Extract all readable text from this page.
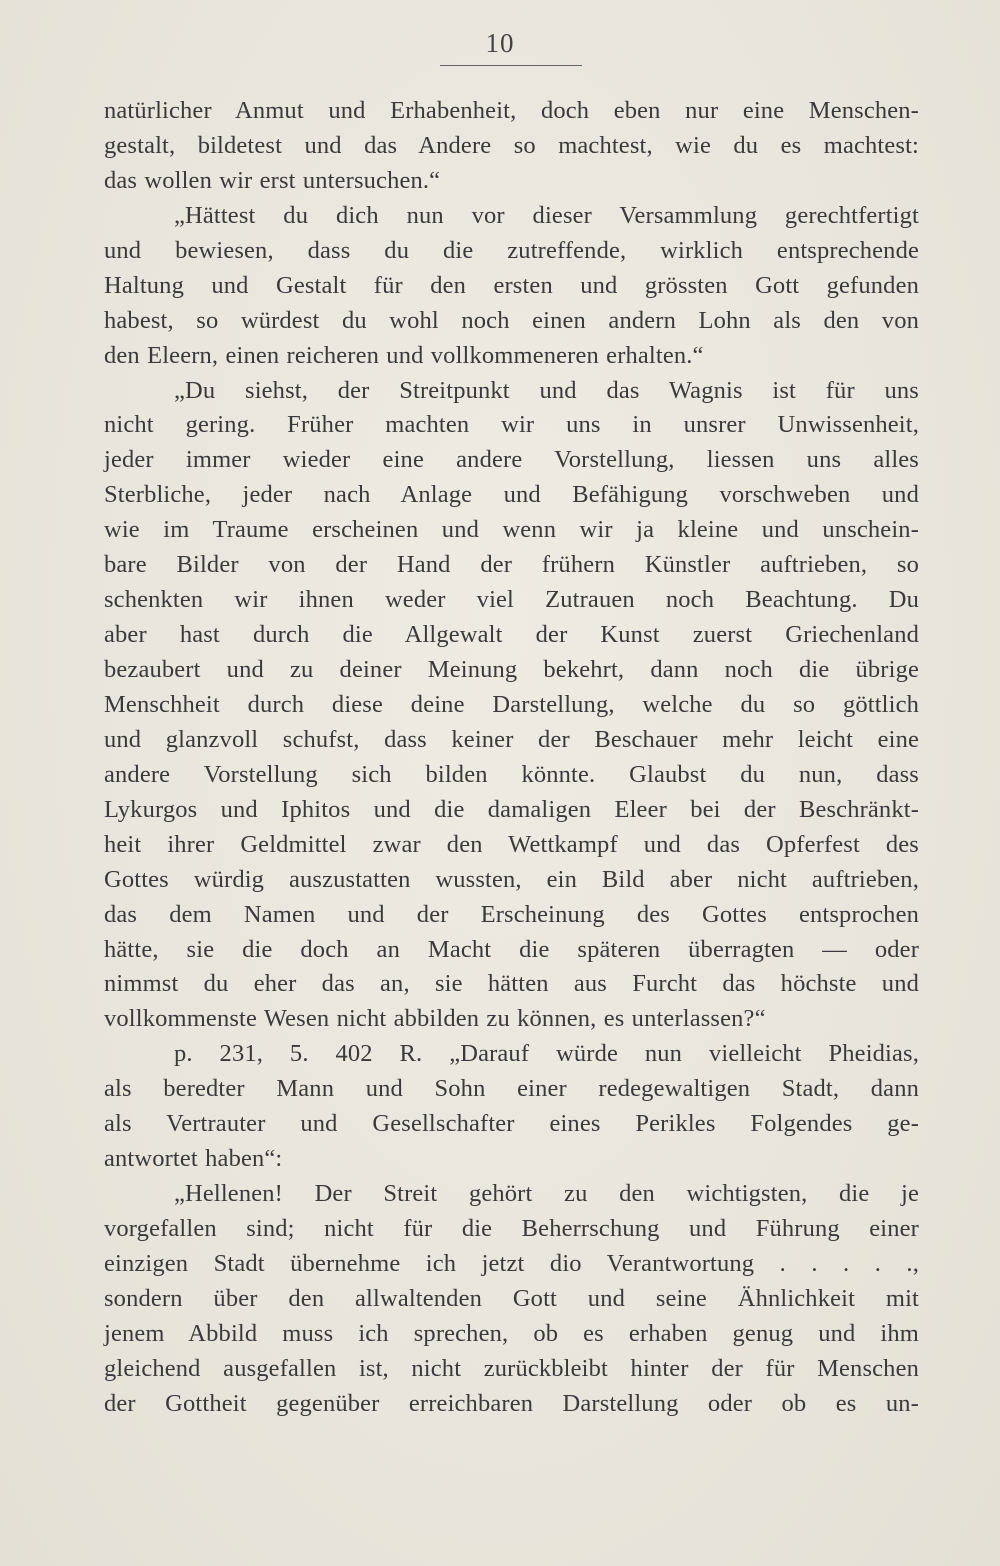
10
natürlicher Anmut und Erhabenheit, doch eben nur eine Menschen-
gestalt, bildetest und das Andere so machtest, wie du es machtest:
das wollen wir erst untersuchen.“
„Hättest du dich nun vor dieser Versammlung gerechtfertigt
und bewiesen, dass du die zutreffende, wirklich entsprechende
Haltung und Gestalt für den ersten und grössten Gott gefunden
habest, so würdest du wohl noch einen andern Lohn als den von
den Eleern, einen reicheren und vollkommeneren erhalten.“
„Du siehst, der Streitpunkt und das Wagnis ist für uns
nicht gering. Früher machten wir uns in unsrer Unwissenheit,
jeder immer wieder eine andere Vorstellung, liessen uns alles
Sterbliche, jeder nach Anlage und Befähigung vorschweben und
wie im Traume erscheinen und wenn wir ja kleine und unschein-
bare Bilder von der Hand der frühern Künstler auftrieben, so
schenkten wir ihnen weder viel Zutrauen noch Beachtung. Du
aber hast durch die Allgewalt der Kunst zuerst Griechenland
bezaubert und zu deiner Meinung bekehrt, dann noch die übrige
Menschheit durch diese deine Darstellung, welche du so göttlich
und glanzvoll schufst, dass keiner der Beschauer mehr leicht eine
andere Vorstellung sich bilden könnte. Glaubst du nun, dass
Lykurgos und Iphitos und die damaligen Eleer bei der Beschränkt-
heit ihrer Geldmittel zwar den Wettkampf und das Opferfest des
Gottes würdig auszustatten wussten, ein Bild aber nicht auftrieben,
das dem Namen und der Erscheinung des Gottes entsprochen
hätte, sie die doch an Macht die späteren überragten — oder
nimmst du eher das an, sie hätten aus Furcht das höchste und
vollkommenste Wesen nicht abbilden zu können, es unterlassen?“
p. 231, 5. 402 R. „Darauf würde nun vielleicht Pheidias,
als beredter Mann und Sohn einer redegewaltigen Stadt, dann
als Vertrauter und Gesellschafter eines Perikles Folgendes ge-
antwortet haben“:
„Hellenen! Der Streit gehört zu den wichtigsten, die je
vorgefallen sind; nicht für die Beherrschung und Führung einer
einzigen Stadt übernehme ich jetzt dio Verantwortung . . . . .,
sondern über den allwaltenden Gott und seine Ähnlichkeit mit
jenem Abbild muss ich sprechen, ob es erhaben genug und ihm
gleichend ausgefallen ist, nicht zurückbleibt hinter der für Menschen
der Gottheit gegenüber erreichbaren Darstellung oder ob es un-
